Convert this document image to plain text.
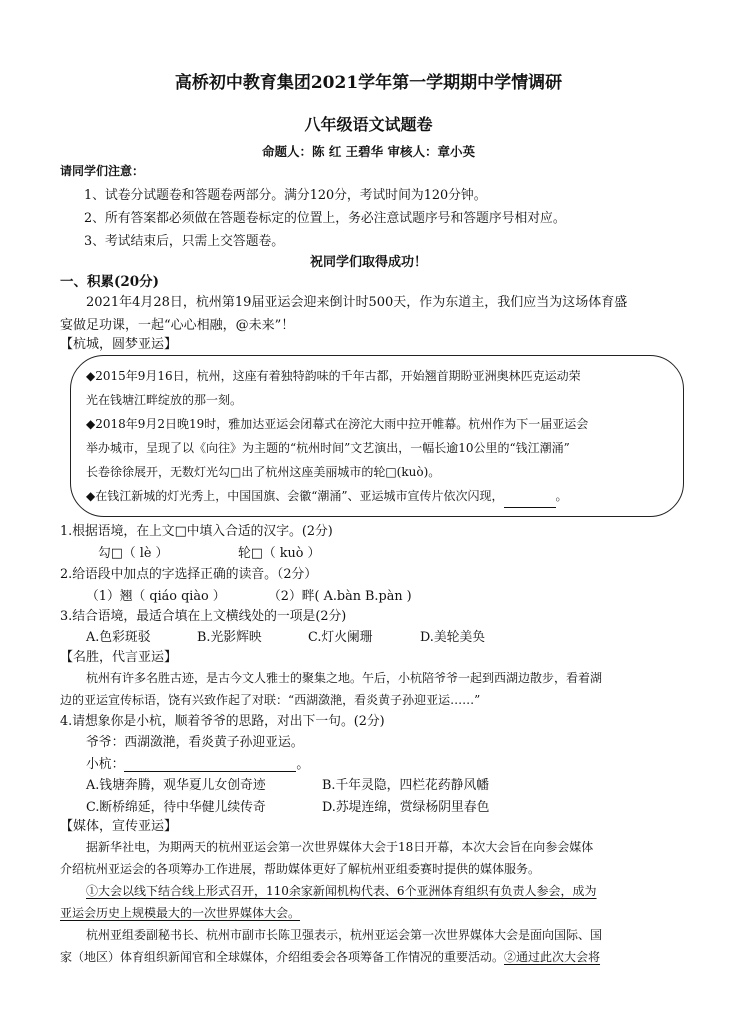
高桥初中教育集团2021学年第一学期期中学情调研
八年级语文试题卷
命题人：陈 红 王碧华 审核人：章小英
请同学们注意：
1、试卷分试题卷和答题卷两部分。满分120分，考试时间为120分钟。
2、所有答案都必须做在答题卷标定的位置上，务必注意试题序号和答题序号相对应。
3、考试结束后，只需上交答题卷。
祝同学们取得成功！
一、积累(20分)
2021年4月28日，杭州第19届亚运会迎来倒计时500天，作为东道主，我们应当为这场体育盛
宴做足功课，一起“心心相融，@未来”！
【杭城，圆梦亚运】
◆2015年9月16日，杭州，这座有着独特韵味的千年古都，开始翘首期盼亚洲奥林匹克运动荣
光在钱塘江畔绽放的那一刻。
◆2018年9月2日晚19时，雅加达亚运会闭幕式在滂沱大雨中拉开帷幕。杭州作为下一届亚运会
举办城市，呈现了以《向往》为主题的“杭州时间”文艺演出，一幅长逾10公里的“钱江潮涌”
长卷徐徐展开，无数灯光勾□出了杭州这座美丽城市的轮□(kuò)。
◆在钱江新城的灯光秀上，中国国旗、会徽“潮涌”、亚运城市宣传片依次闪现，	。
1.根据语境，在上文□中填入合适的汉字。(2分)
勾□（ lè ）	轮□（ kuò ）
2.给语段中加点的字选择正确的读音。（2分）
（1）翘（ qiáo qiào ）	（2）畔( A.bàn B.pàn )
3.结合语境，最适合填在上文横线处的一项是(2分)
A.色彩斑驳	B.光影辉映	C.灯火阑珊	D.美轮美奂
【名胜，代言亚运】
杭州有许多名胜古迹，是古今文人雅士的聚集之地。午后，小杭陪爷爷一起到西湖边散步，看着湖
边的亚运宣传标语，饶有兴致作起了对联：“西湖潋滟，看炎黄子孙迎亚运……”
4.请想象你是小杭，顺着爷爷的思路，对出下一句。(2分)
爷爷：西湖潋滟，看炎黄子孙迎亚运。
小杭：	。
A.钱塘奔腾，观华夏儿女创奇迹	B.千年灵隐，四栏花药静风幡
C.断桥绵延，待中华健儿续传奇	D.苏堤连绵，赏绿杨阴里春色
【媒体，宣传亚运】
据新华社电，为期两天的杭州亚运会第一次世界媒体大会于18日开幕，本次大会旨在向参会媒体
介绍杭州亚运会的各项筹办工作进展，帮助媒体更好了解杭州亚组委赛时提供的媒体服务。
①大会以线下结合线上形式召开，110余家新闻机构代表、6个亚洲体育组织有负责人参会，成为
亚运会历史上规模最大的一次世界媒体大会。
杭州亚组委副秘书长、杭州市副市长陈卫强表示，杭州亚运会第一次世界媒体大会是面向国际、国
家（地区）体育组织新闻官和全球媒体，介绍组委会各项筹备工作情况的重要活动。②通过此次大会将
